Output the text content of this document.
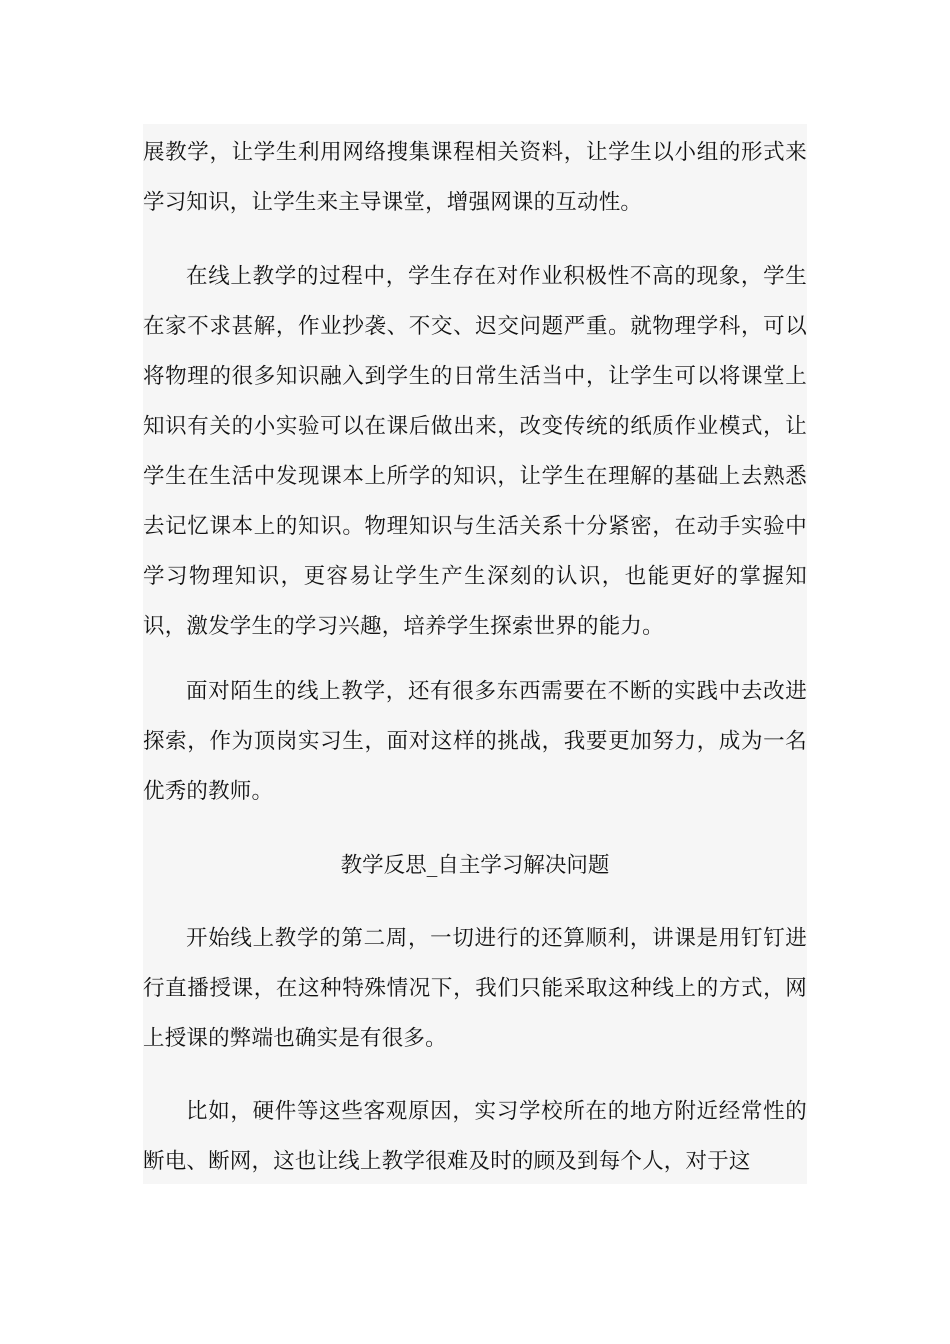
展教学，让学生利用网络搜集课程相关资料，让学生以小组的形式来学习知识，让学生来主导课堂，增强网课的互动性。

在线上教学的过程中，学生存在对作业积极性不高的现象，学生在家不求甚解，作业抄袭、不交、迟交问题严重。就物理学科，可以将物理的很多知识融入到学生的日常生活当中，让学生可以将课堂上知识有关的小实验可以在课后做出来，改变传统的纸质作业模式，让学生在生活中发现课本上所学的知识，让学生在理解的基础上去熟悉去记忆课本上的知识。物理知识与生活关系十分紧密，在动手实验中学习物理知识，更容易让学生产生深刻的认识，也能更好的掌握知识，激发学生的学习兴趣，培养学生探索世界的能力。

面对陌生的线上教学，还有很多东西需要在不断的实践中去改进探索，作为顶岗实习生，面对这样的挑战，我要更加努力，成为一名优秀的教师。

教学反思_自主学习解决问题

开始线上教学的第二周，一切进行的还算顺利，讲课是用钉钉进行直播授课，在这种特殊情况下，我们只能采取这种线上的方式，网上授课的弊端也确实是有很多。

比如，硬件等这些客观原因，实习学校所在的地方附近经常性的断电、断网，这也让线上教学很难及时的顾及到每个人，对于这
